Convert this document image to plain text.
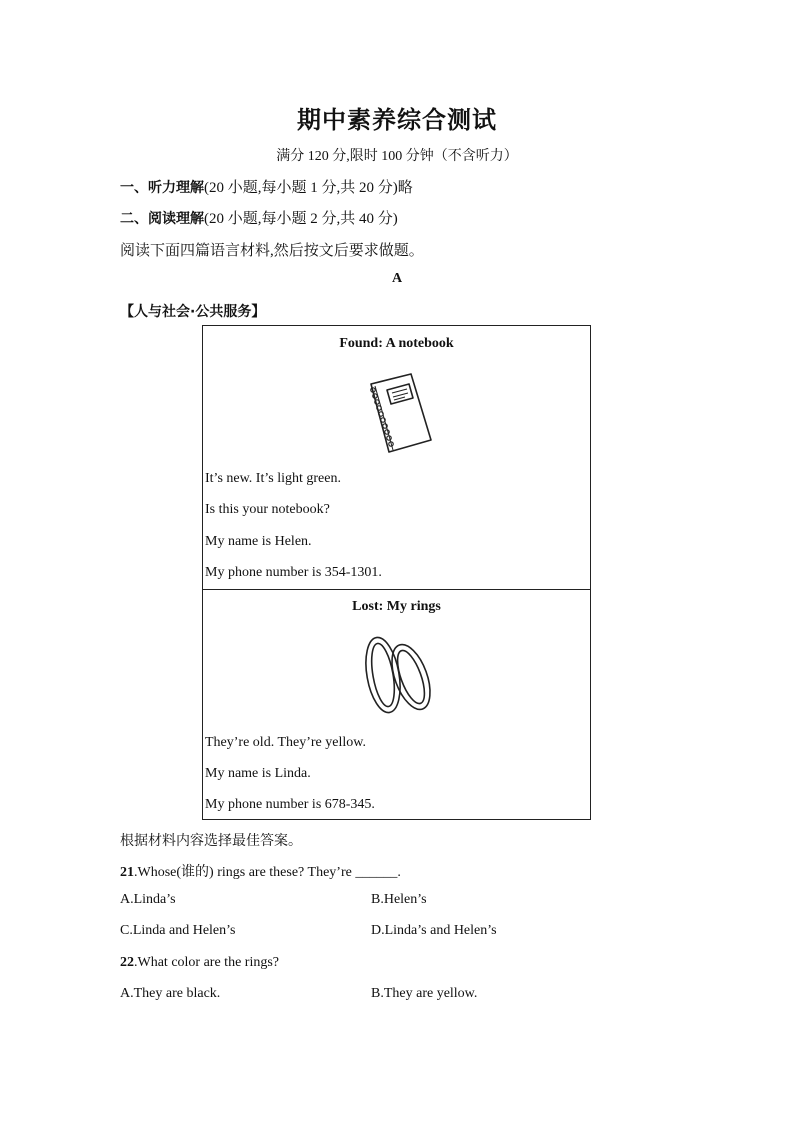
期中素养综合测试
满分 120 分,限时 100 分钟（不含听力）
一、听力理解(20 小题,每小题 1 分,共 20 分)略
二、阅读理解(20 小题,每小题 2 分,共 40 分)
阅读下面四篇语言材料,然后按文后要求做题。
A
【人与社会·公共服务】
Found: A notebook
It’s new. It’s light green.
Is this your notebook?
My name is Helen.
My phone number is 354-1301.
Lost: My rings
They’re old. They’re yellow.
My name is Linda.
My phone number is 678-345.
根据材料内容选择最佳答案。
21.Whose(谁的) rings are these? They’re ______.
A.Linda’s	B.Helen’s
C.Linda and Helen’s	D.Linda’s and Helen’s
22.What color are the rings?
A.They are black.	B.They are yellow.
